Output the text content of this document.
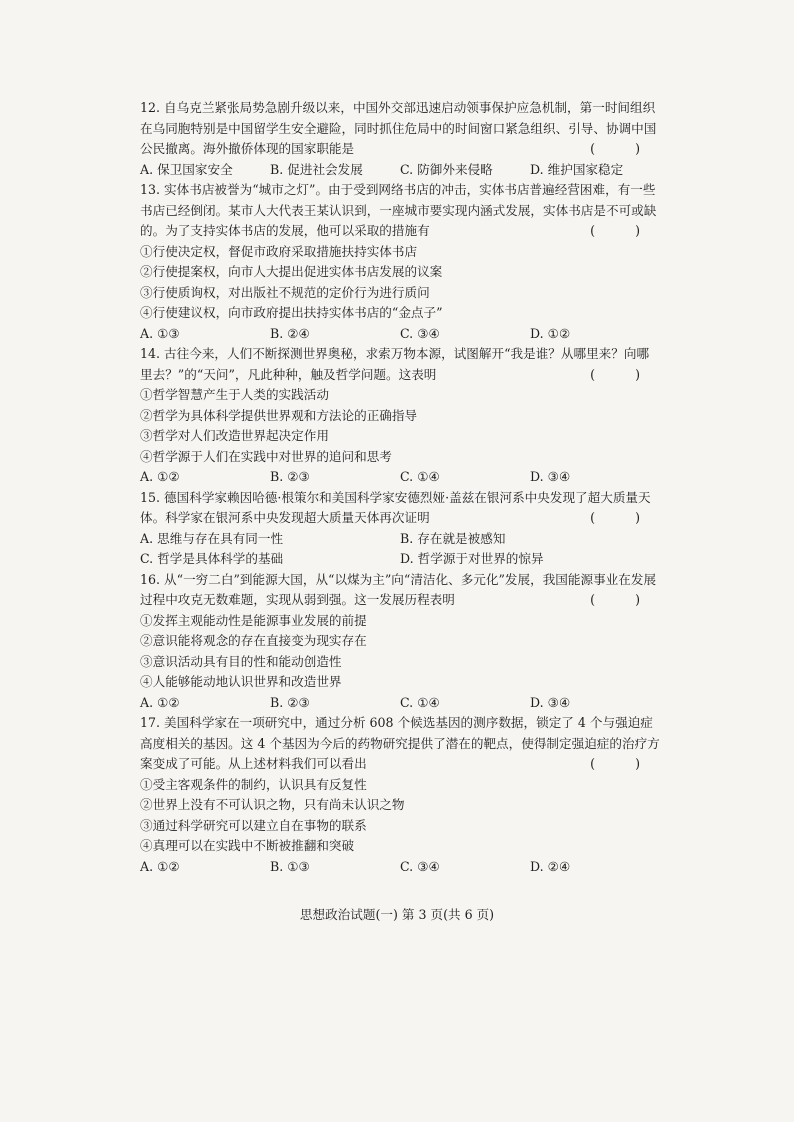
12. 自乌克兰紧张局势急剧升级以来，中国外交部迅速启动领事保护应急机制，第一时间组织在乌同胞特别是中国留学生安全避险，同时抓住危局中的时间窗口紧急组织、引导、协调中国公民撤离。海外撤侨体现的国家职能是	( )
A. 保卫国家安全	B. 促进社会发展	C. 防御外来侵略	D. 维护国家稳定
13. 实体书店被誉为“城市之灯”。由于受到网络书店的冲击，实体书店普遍经营困难，有一些书店已经倒闭。某市人大代表王某认识到，一座城市要实现内涵式发展，实体书店是不可或缺的。为了支持实体书店的发展，他可以采取的措施有	( )
①行使决定权，督促市政府采取措施扶持实体书店
②行使提案权，向市人大提出促进实体书店发展的议案
③行使质询权，对出版社不规范的定价行为进行质问
④行使建议权，向市政府提出扶持实体书店的“金点子”
A. ①③	B. ②④	C. ③④	D. ①②
14. 古往今来，人们不断探测世界奥秘，求索万物本源，试图解开“我是谁？从哪里来？向哪里去？”的“天问”，凡此种种，触及哲学问题。这表明	( )
①哲学智慧产生于人类的实践活动
②哲学为具体科学提供世界观和方法论的正确指导
③哲学对人们改造世界起决定作用
④哲学源于人们在实践中对世界的追问和思考
A. ①②	B. ②③	C. ①④	D. ③④
15. 德国科学家赖因哈德·根策尔和美国科学家安德烈娅·盖兹在银河系中央发现了超大质量天体。科学家在银河系中央发现超大质量天体再次证明	( )
A. 思维与存在具有同一性	B. 存在就是被感知
C. 哲学是具体科学的基础	D. 哲学源于对世界的惊异
16. 从“一穷二白”到能源大国，从“以煤为主”向“清洁化、多元化”发展，我国能源事业在发展过程中攻克无数难题，实现从弱到强。这一发展历程表明	( )
①发挥主观能动性是能源事业发展的前提
②意识能将观念的存在直接变为现实存在
③意识活动具有目的性和能动创造性
④人能够能动地认识世界和改造世界
A. ①②	B. ②③	C. ①④	D. ③④
17. 美国科学家在一项研究中，通过分析 608 个候选基因的测序数据，锁定了 4 个与强迫症高度相关的基因。这 4 个基因为今后的药物研究提供了潜在的靶点，使得制定强迫症的治疗方案变成了可能。从上述材料我们可以看出	( )
①受主客观条件的制约，认识具有反复性
②世界上没有不可认识之物，只有尚未认识之物
③通过科学研究可以建立自在事物的联系
④真理可以在实践中不断被推翻和突破
A. ①②	B. ①③	C. ③④	D. ②④
思想政治试题(一) 第 3 页(共 6 页)
